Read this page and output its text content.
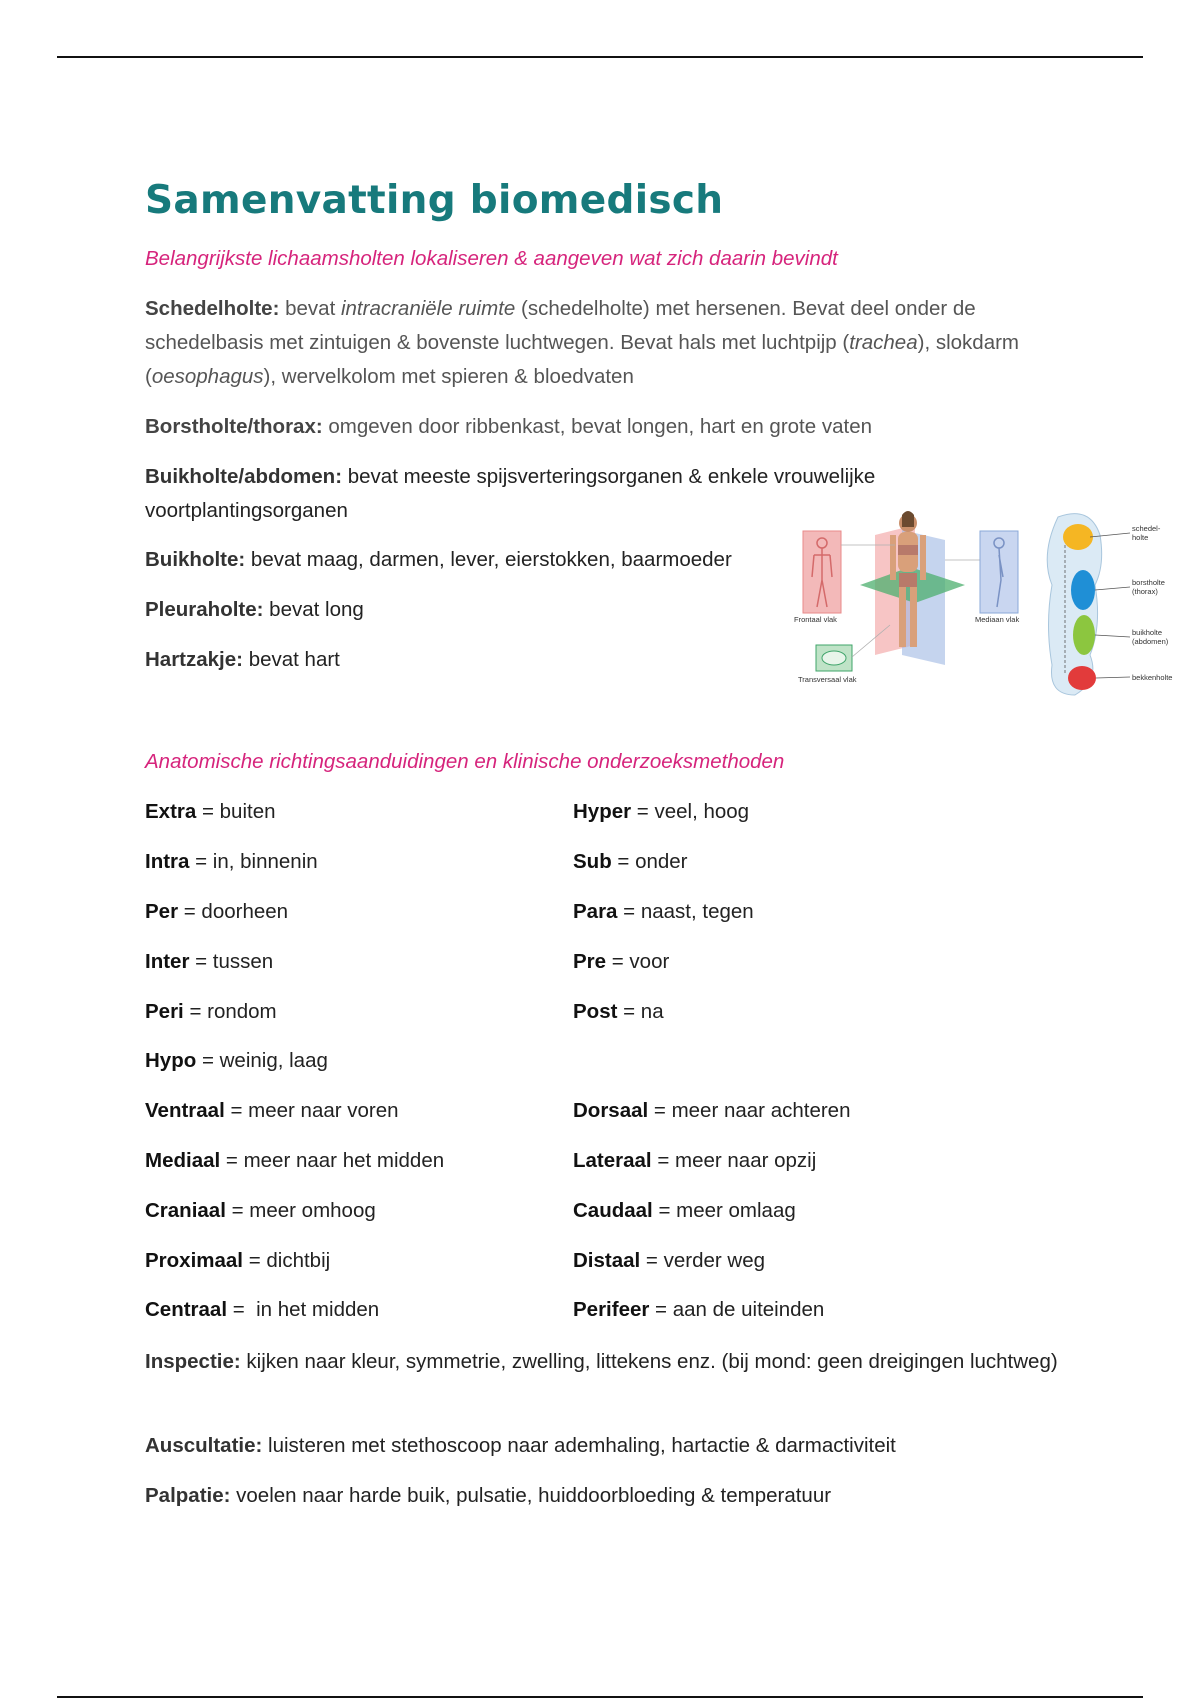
Samenvatting biomedisch

Belangrijkste lichaamsholten lokaliseren & aangeven wat zich daarin bevindt

Schedelholte: bevat intracraniële ruimte (schedelholte) met hersenen. Bevat deel onder de schedelbasis met zintuigen & bovenste luchtwegen. Bevat hals met luchtpijp (trachea), slokdarm (oesophagus), wervelkolom met spieren & bloedvaten

Borstholte/thorax: omgeven door ribbenkast, bevat longen, hart en grote vaten

Buikholte/abdomen: bevat meeste spijsverteringsorganen & enkele vrouwelijke voortplantingsorganen

Buikholte: bevat maag, darmen, lever, eierstokken, baarmoeder

Pleuraholte: bevat long

Hartzakje: bevat hart

Frontaal vlak
Transversaal vlak
Mediaan vlak
schedel-
holte
borstholte
(thorax)
buikholte
(abdomen)
bekkenholte

Anatomische richtingsaanduidingen en klinische onderzoeksmethoden

Extra = buiten

Intra = in, binnenin

Per = doorheen

Inter = tussen

Peri = rondom

Hypo = weinig, laag

Ventraal = meer naar voren

Mediaal = meer naar het midden

Craniaal = meer omhoog

Proximaal = dichtbij

Centraal =  in het midden

Hyper = veel, hoog

Sub = onder

Para = naast, tegen

Pre = voor

Post = na

Dorsaal = meer naar achteren

Lateraal = meer naar opzij

Caudaal = meer omlaag

Distaal = verder weg

Perifeer = aan de uiteinden

Inspectie: kijken naar kleur, symmetrie, zwelling, littekens enz. (bij mond: geen dreigingen luchtweg)

Auscultatie: luisteren met stethoscoop naar ademhaling, hartactie & darmactiviteit

Palpatie: voelen naar harde buik, pulsatie, huiddoorbloeding & temperatuur
